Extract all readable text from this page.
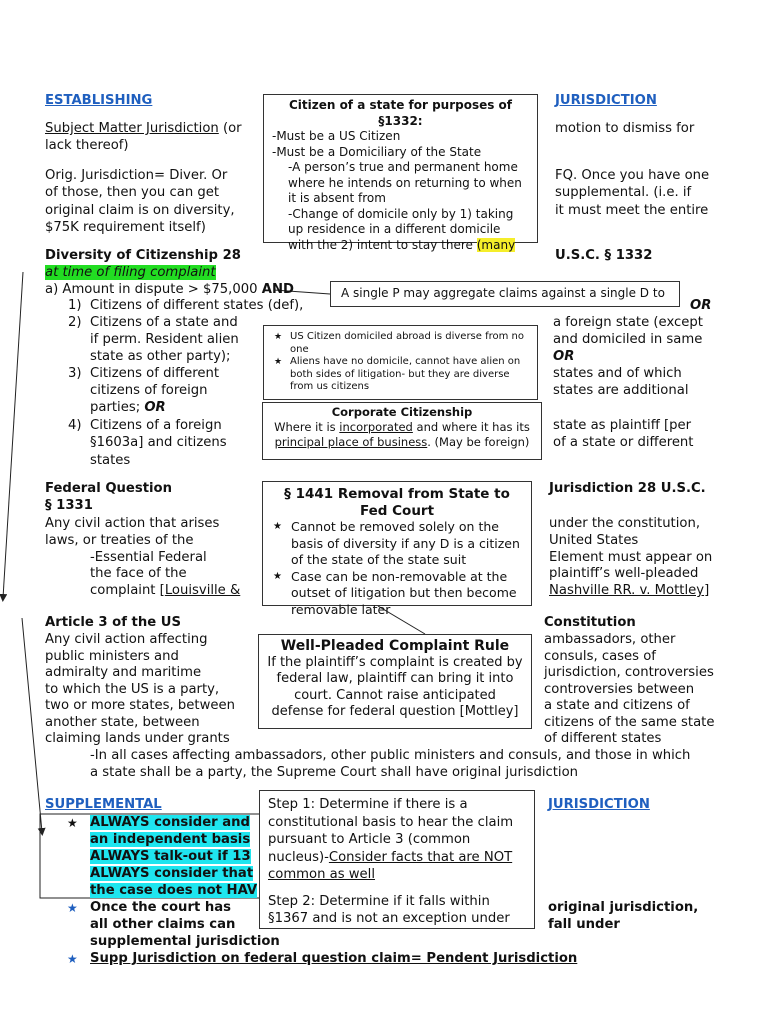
ESTABLISHING
Subject Matter Jurisdiction (or
lack thereof)
Orig. Jurisdiction= Diver. Or
of those, then you can get
original claim is on diversity,
$75K requirement itself)
JURISDICTION
motion to dismiss for
FQ. Once you have one
supplemental. (i.e. if
it must meet the entire
Diversity of Citizenship 28	U.S.C. § 1332
at time of filing complaint
a) Amount in dispute > $75,000 AND
1) Citizens of different states (def),
2) Citizens of a state and
if perm. Resident alien
state as other party);
3) Citizens of different
citizens of foreign
parties; OR
4) Citizens of a foreign
§1603a] and citizens
states
OR
a foreign state (except
and domiciled in same
OR
states and of which
states are additional
state as plaintiff [per
of a state or different
Federal Question
§ 1331
Any civil action that arises
laws, or treaties of the
-Essential Federal
the face of the
complaint [Louisville &
Jurisdiction 28 U.S.C.
under the constitution,
United States
Element must appear on
plaintiff’s well-pleaded
Nashville RR. v. Mottley]
Article 3 of the US
Any civil action affecting
public ministers and
admiralty and maritime
to which the US is a party,
two or more states, between
another state, between
claiming lands under grants
-In all cases affecting ambassadors, other public ministers and consuls, and those in which
a state shall be a party, the Supreme Court shall have original jurisdiction
Constitution
ambassadors, other
consuls, cases of
jurisdiction, controversies
controversies between
a state and citizens of
citizens of the same state
of different states
SUPPLEMENTAL	JURISDICTION
★ ALWAYS consider and
an independent basis
ALWAYS talk-out if 13
ALWAYS consider that
the case does not HAV
★ Once the court has
all other claims can
supplemental jurisdiction
original jurisdiction,
fall under
★ Supp Jurisdiction on federal question claim= Pendent Jurisdiction
Citizen of a state for purposes of §1332:
-Must be a US Citizen
-Must be a Domiciliary of the State
-A person’s true and permanent home where he intends on returning to when it is absent from
-Change of domicile only by 1) taking up residence in a different domicile with the 2) intent to stay there (many
A single P may aggregate claims against a single D to
★ US Citizen domiciled abroad is diverse from no one
★ Aliens have no domicile, cannot have alien on both sides of litigation- but they are diverse from us citizens
Corporate Citizenship
Where it is incorporated and where it has its principal place of business. (May be foreign)
§ 1441 Removal from State to Fed Court
★ Cannot be removed solely on the basis of diversity if any D is a citizen of the state of the state suit
★ Case can be non-removable at the outset of litigation but then become removable later
Well-Pleaded Complaint Rule
If the plaintiff’s complaint is created by federal law, plaintiff can bring it into court. Cannot raise anticipated defense for federal question [Mottley]
Step 1: Determine if there is a constitutional basis to hear the claim pursuant to Article 3 (common nucleus)-Consider facts that are NOT common as well
Step 2: Determine if it falls within §1367 and is not an exception under
